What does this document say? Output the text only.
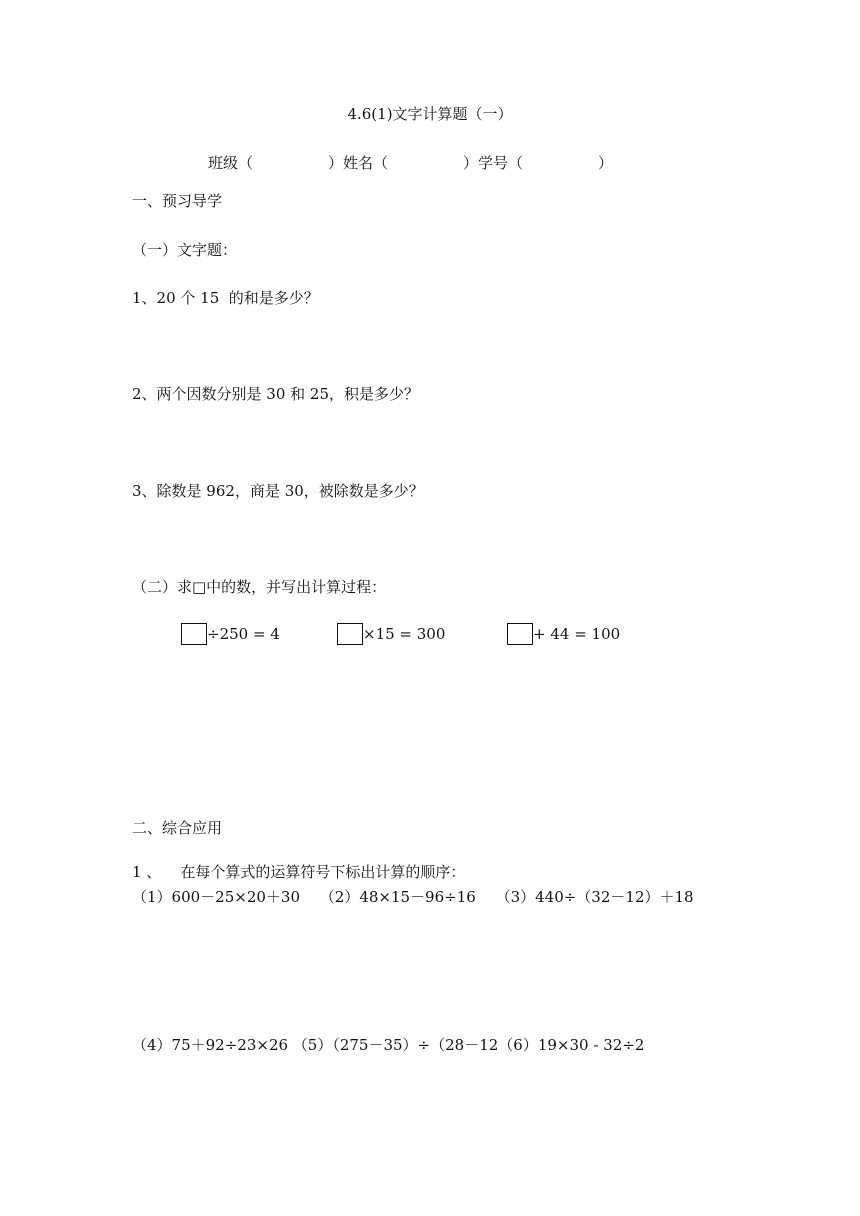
4.6(1)文字计算题（一）
班级（　　　　　）姓名（　　　　　）学号（　　　　　）
一、预习导学
（一）文字题：
1、20 个 15  的和是多少？
2、两个因数分别是 30 和 25，积是多少？
3、除数是 962，商是 30，被除数是多少？
（二）求□中的数，并写出计算过程：
÷250 = 4	×15 = 300	+ 44 = 100
二、综合应用
1 、    在每个算式的运算符号下标出计算的顺序：
（1）600－25×20＋30　 （2）48×15－96÷16　 （3）440÷（32－12）＋18
（4）75＋92÷23×26 （5）（275－35）÷（28－12（6）19×30 - 32÷2
